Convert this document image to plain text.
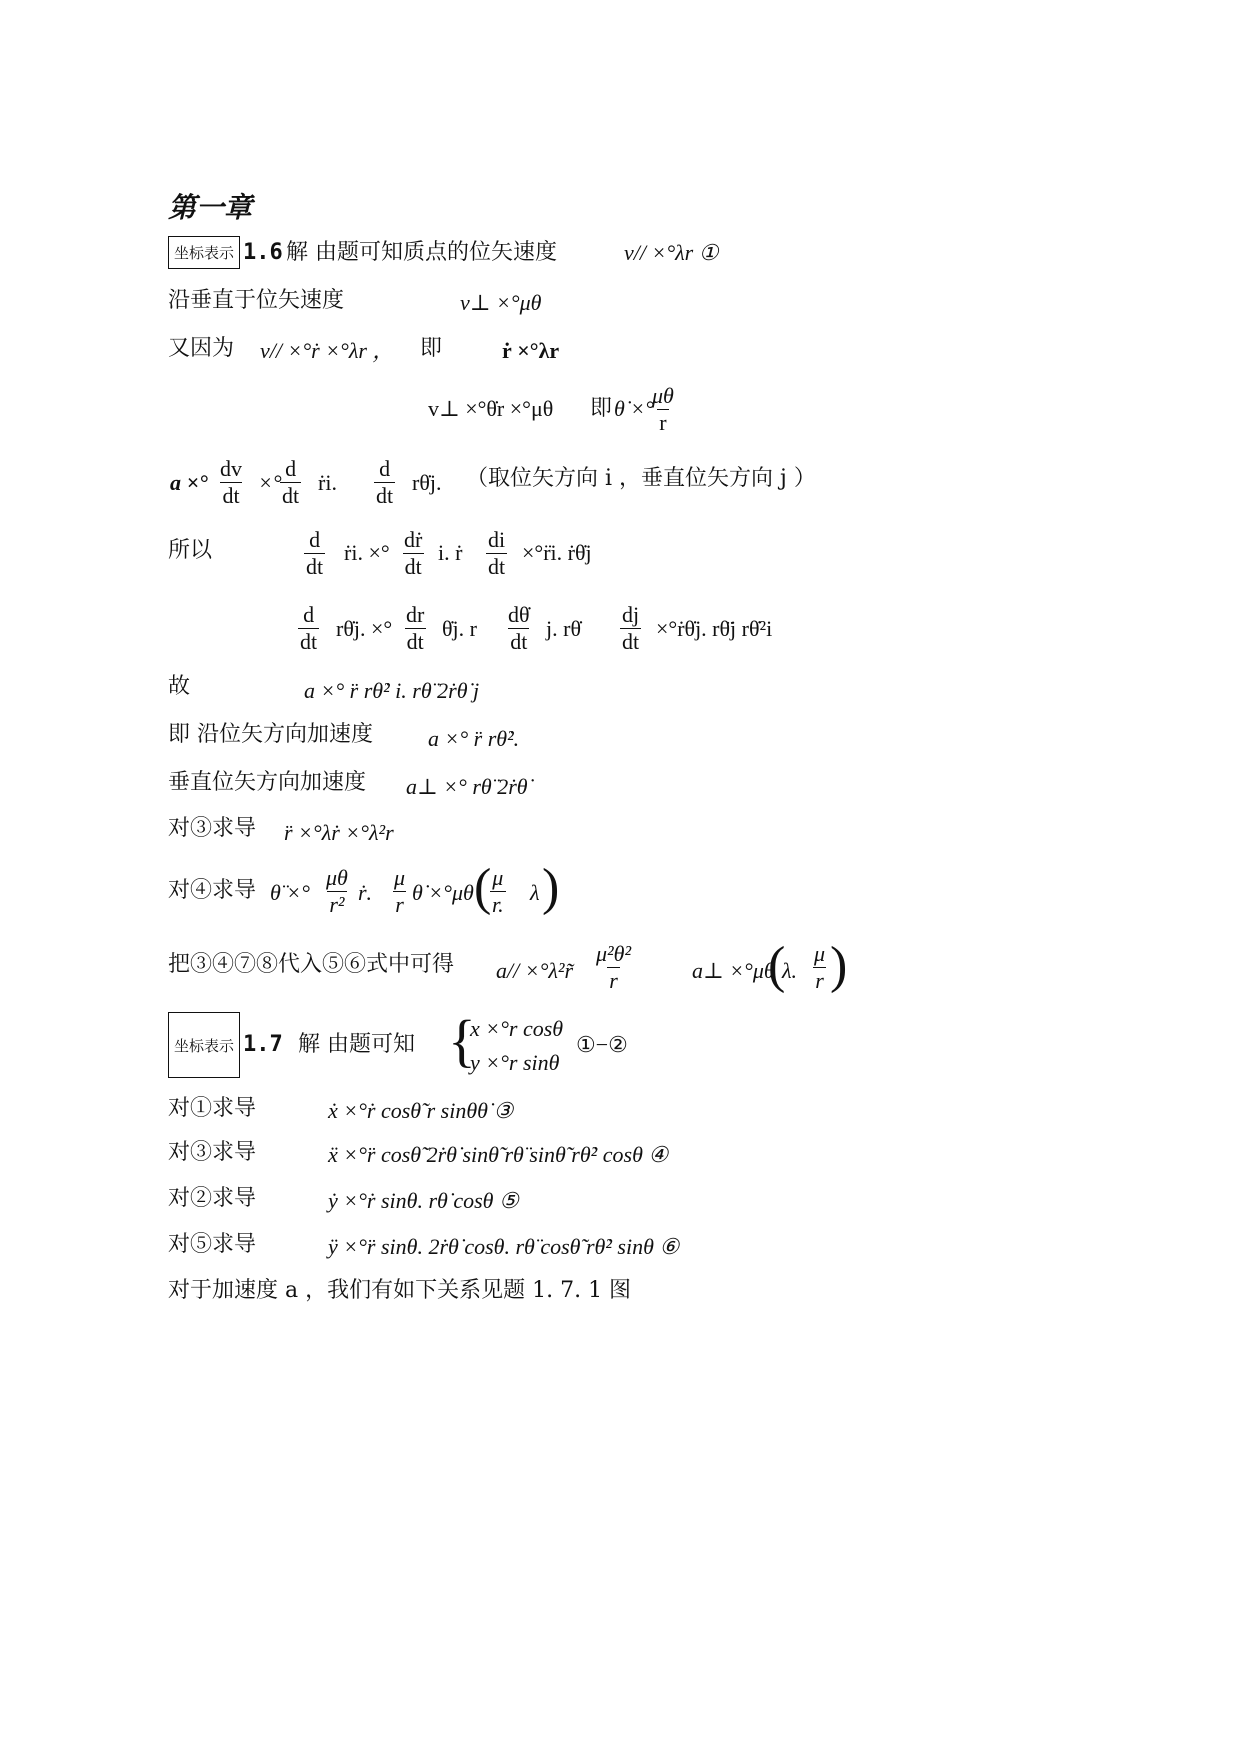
第一章
坐标表示 1.6 解 由题可知质点的位矢速度	v// ×°λr ①
沿垂直于位矢速度	v⊥ ×°μθ
又因为 v// ×°ṙ ×°λr ， 即	ṙ ×°λr
v⊥ ×°θ̇r ×°μθ 即 θ̇ ×°
$\frac{\mu\theta}{r}$
a ×° $\frac{dv}{dt}$ ×°
$\frac{d}{dt}$ ṙi. $\frac{d}{dt}$ rθ̇j. （取位矢方向 i ，垂直位矢方向 j ）
所以	$\frac{d}{dt}$ ṙi. ×° $\frac{\text{dṙ}}{dt} i$. ṙ $\frac{di}{dt}$ ×°r̈i. ṙθ̇j
$\frac{d}{dt}$ rθ̇j. ×° $\frac{dr}{dt}$ θ̇j. r $\frac{d\thetȧ}{dt} j$. rθ̇ $\frac{dj}{dt}$ ×°ṙθ̇j. rθ̈j rθ̇²i
故	a ×° r̈ rθ̇² i. rθ̈ 2ṙθ̇ j
即 沿位矢方向加速度	a ×° r̈ rθ̇².
垂直位矢方向加速度 a⊥ ×° rθ̈ 2ṙθ̇
对③求导 r̈ ×°λṙ ×°λ²r
对④求导 θ̈ ×° $\frac{\mu\theta}{\text{r²}}$ ṙ. $\frac{\mu}{r}$ θ̇ ×°μθ (
$\frac{\mu}{r.}$ λ )
把③④⑦⑧代入⑤⑥式中可得 a// ×°λ²r̃ $\frac{\text{μ²θ²}}{r}$	a⊥ ×°μθ
(
λ. $\frac{\mu}{r}$ )
坐标表示 1.7 解 由题可知 {
x ×°r cosθ
y ×°r sinθ
①−②
对①求导	ẋ ×°ṙ cosθ̃ r sinθθ̇ ③
对③求导	ẍ ×°r̈ cosθ̃ 2ṙθ̇ sinθ̃ rθ̈ sinθ̃ rθ̇² cosθ ④
对②求导	ẏ ×°ṙ sinθ. rθ̇ cosθ ⑤
对⑤求导	ÿ ×°r̈ sinθ. 2ṙθ̇ cosθ. rθ̈ cosθ̃ rθ̇² sinθ ⑥
对于加速度 a ，我们有如下关系见题 1. 7. 1 图
